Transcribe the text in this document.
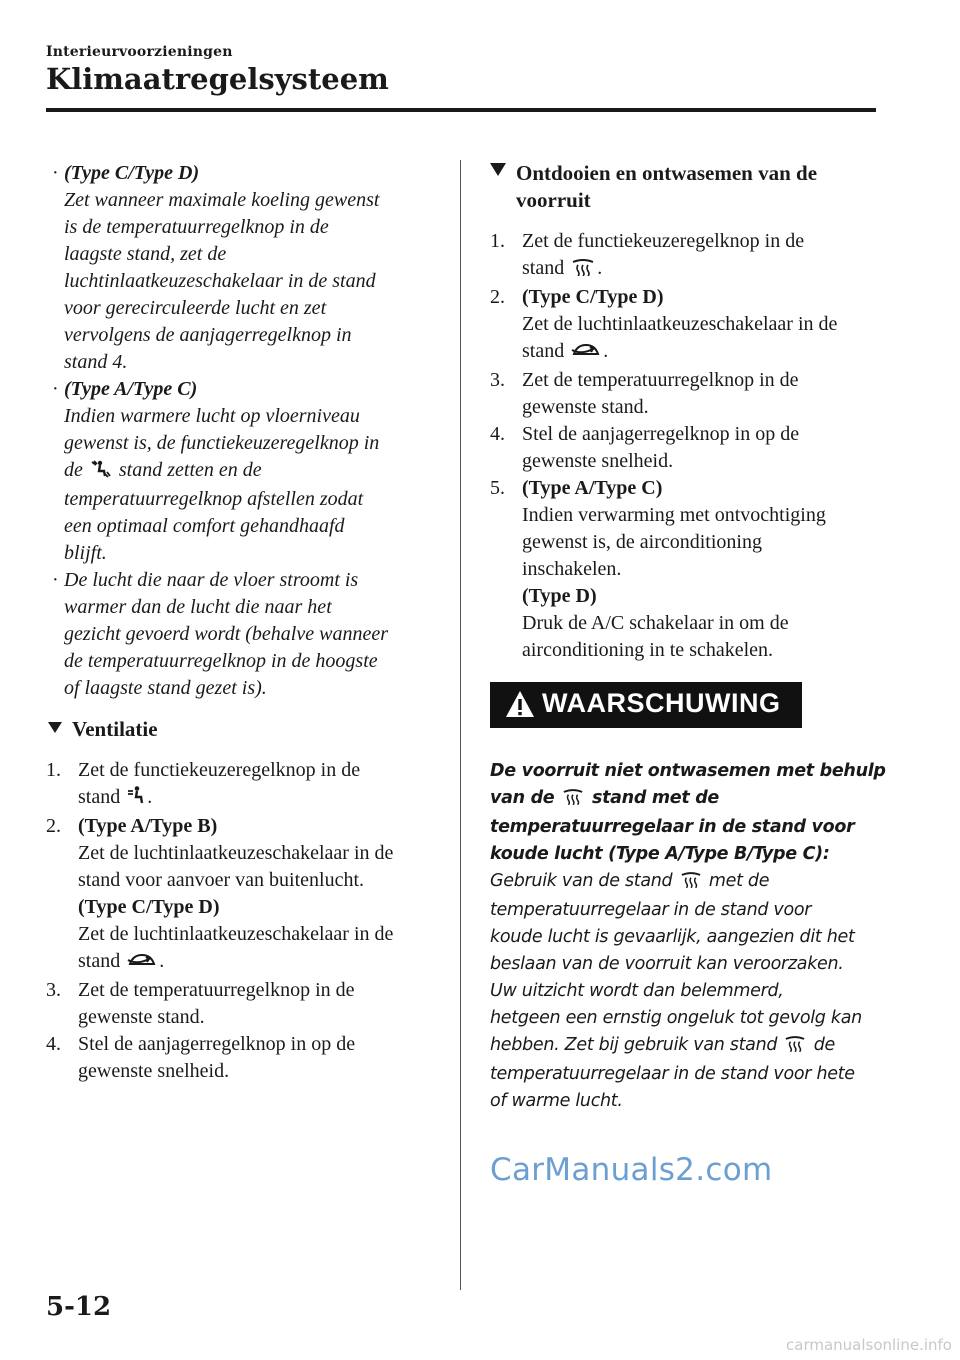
Interieurvoorzieningen
Klimaatregelsysteem
· (Type C/Type D)
Zet wanneer maximale koeling gewenst
is de temperatuurregelknop in de
laagste stand, zet de
luchtinlaatkeuzeschakelaar in de stand
voor gerecirculeerde lucht en zet
vervolgens de aanjagerregelknop in
stand 4.
· (Type A/Type C)
Indien warmere lucht op vloerniveau
gewenst is, de functiekeuzeregelknop in
de stand zetten en de
temperatuurregelknop afstellen zodat
een optimaal comfort gehandhaafd
blijft.
· De lucht die naar de vloer stroomt is
warmer dan de lucht die naar het
gezicht gevoerd wordt (behalve wanneer
de temperatuurregelknop in de hoogste
of laagste stand gezet is).
Ventilatie
1. Zet de functiekeuzeregelknop in de
stand .
2. (Type A/Type B)
Zet de luchtinlaatkeuzeschakelaar in de
stand voor aanvoer van buitenlucht.
(Type C/Type D)
Zet de luchtinlaatkeuzeschakelaar in de
stand .
3. Zet de temperatuurregelknop in de
gewenste stand.
4. Stel de aanjagerregelknop in op de
gewenste snelheid.
Ontdooien en ontwasemen van de
voorruit
1. Zet de functiekeuzeregelknop in de
stand .
2. (Type C/Type D)
Zet de luchtinlaatkeuzeschakelaar in de
stand .
3. Zet de temperatuurregelknop in de
gewenste stand.
4. Stel de aanjagerregelknop in op de
gewenste snelheid.
5. (Type A/Type C)
Indien verwarming met ontvochtiging
gewenst is, de airconditioning
inschakelen.
(Type D)
Druk de A/C schakelaar in om de
airconditioning in te schakelen.
WAARSCHUWING
De voorruit niet ontwasemen met behulp
van de stand met de
temperatuurregelaar in de stand voor
koude lucht (Type A/Type B/Type C):
Gebruik van de stand met de
temperatuurregelaar in de stand voor
koude lucht is gevaarlijk, aangezien dit het
beslaan van de voorruit kan veroorzaken.
Uw uitzicht wordt dan belemmerd,
hetgeen een ernstig ongeluk tot gevolg kan
hebben. Zet bij gebruik van stand de
temperatuurregelaar in de stand voor hete
of warme lucht.
CarManuals2.com
carmanualsonline.info
5-12
